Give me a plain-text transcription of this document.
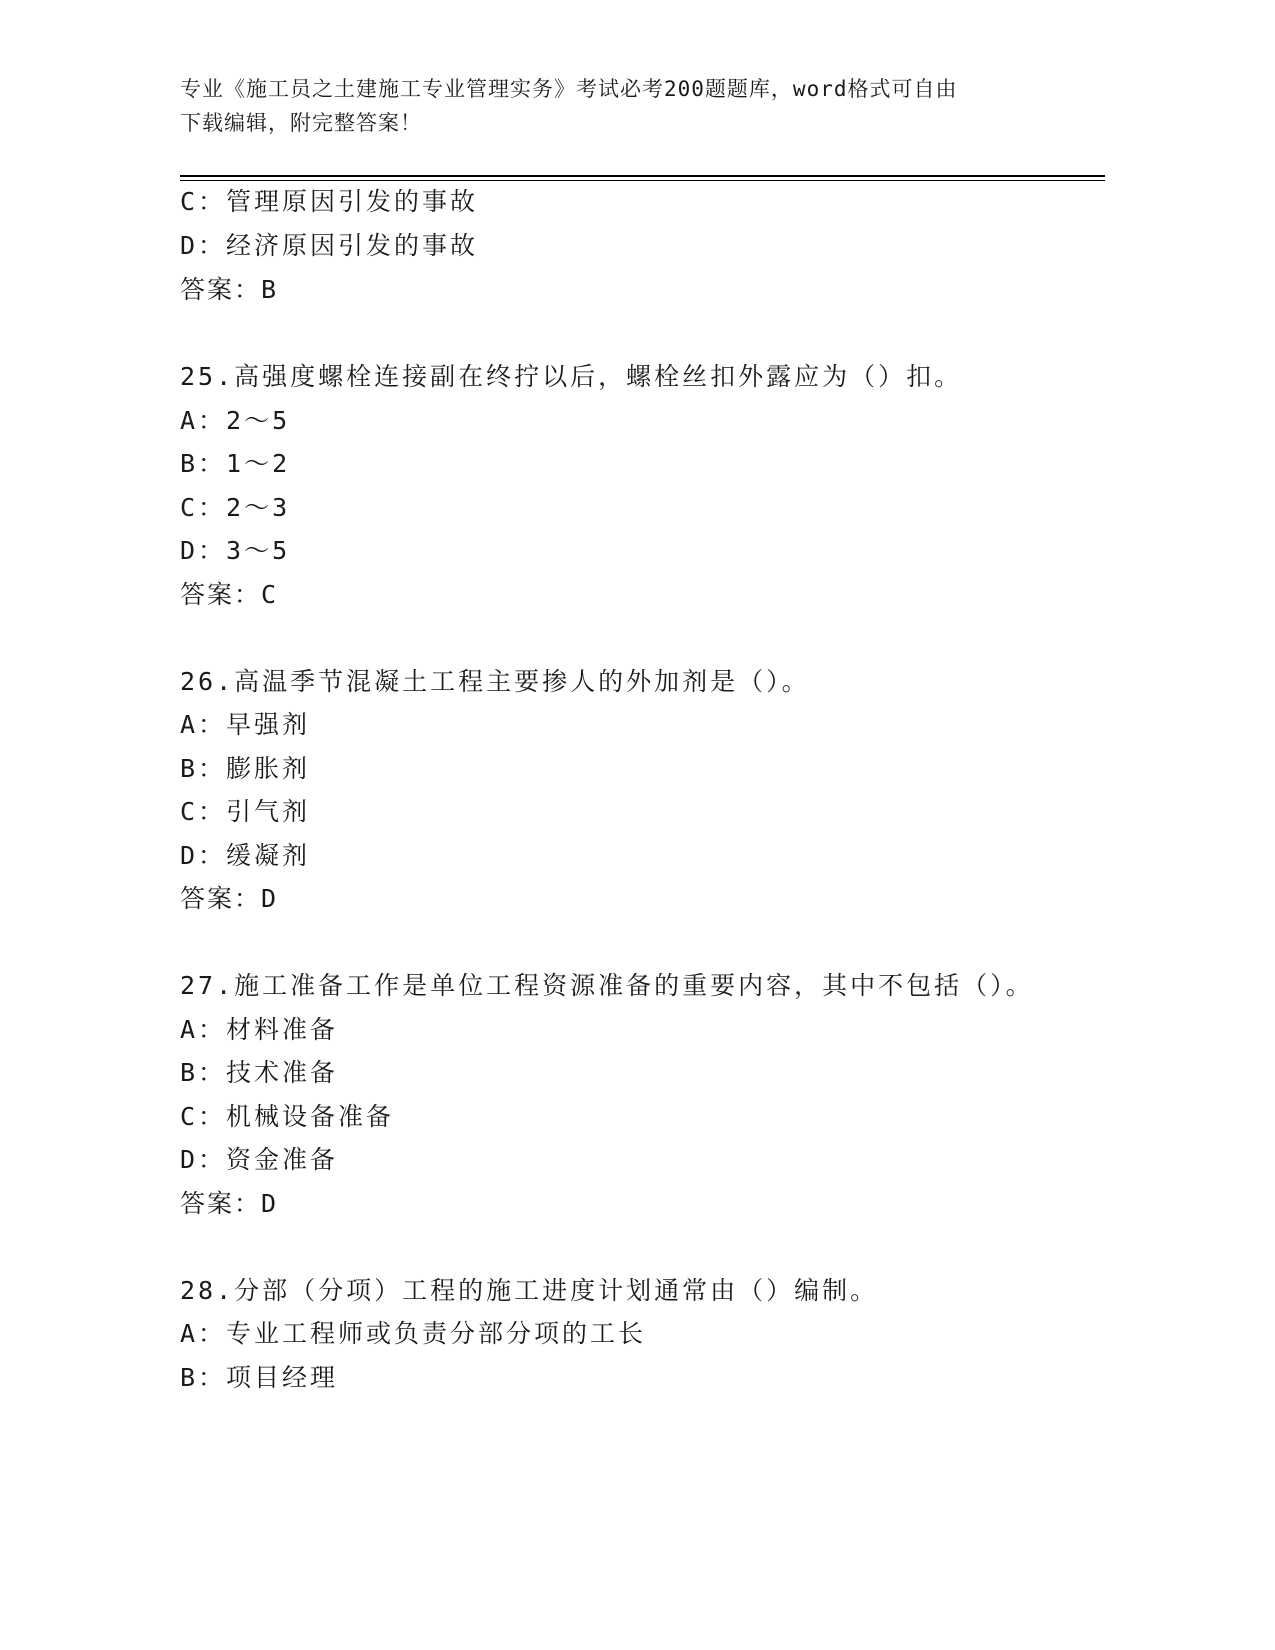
专业《施工员之土建施工专业管理实务》考试必考200题题库，word格式可自由
下载编辑，附完整答案！
C：管理原因引发的事故
D：经济原因引发的事故
答案：B
25.高强度螺栓连接副在终拧以后，螺栓丝扣外露应为（）扣。
A：2～5
B：1～2
C：2～3
D：3～5
答案：C
26.高温季节混凝土工程主要掺人的外加剂是（）。
A：早强剂
B：膨胀剂
C：引气剂
D：缓凝剂
答案：D
27.施工准备工作是单位工程资源准备的重要内容，其中不包括（）。
A：材料准备
B：技术准备
C：机械设备准备
D：资金准备
答案：D
28.分部（分项）工程的施工进度计划通常由（）编制。
A：专业工程师或负责分部分项的工长
B：项目经理
